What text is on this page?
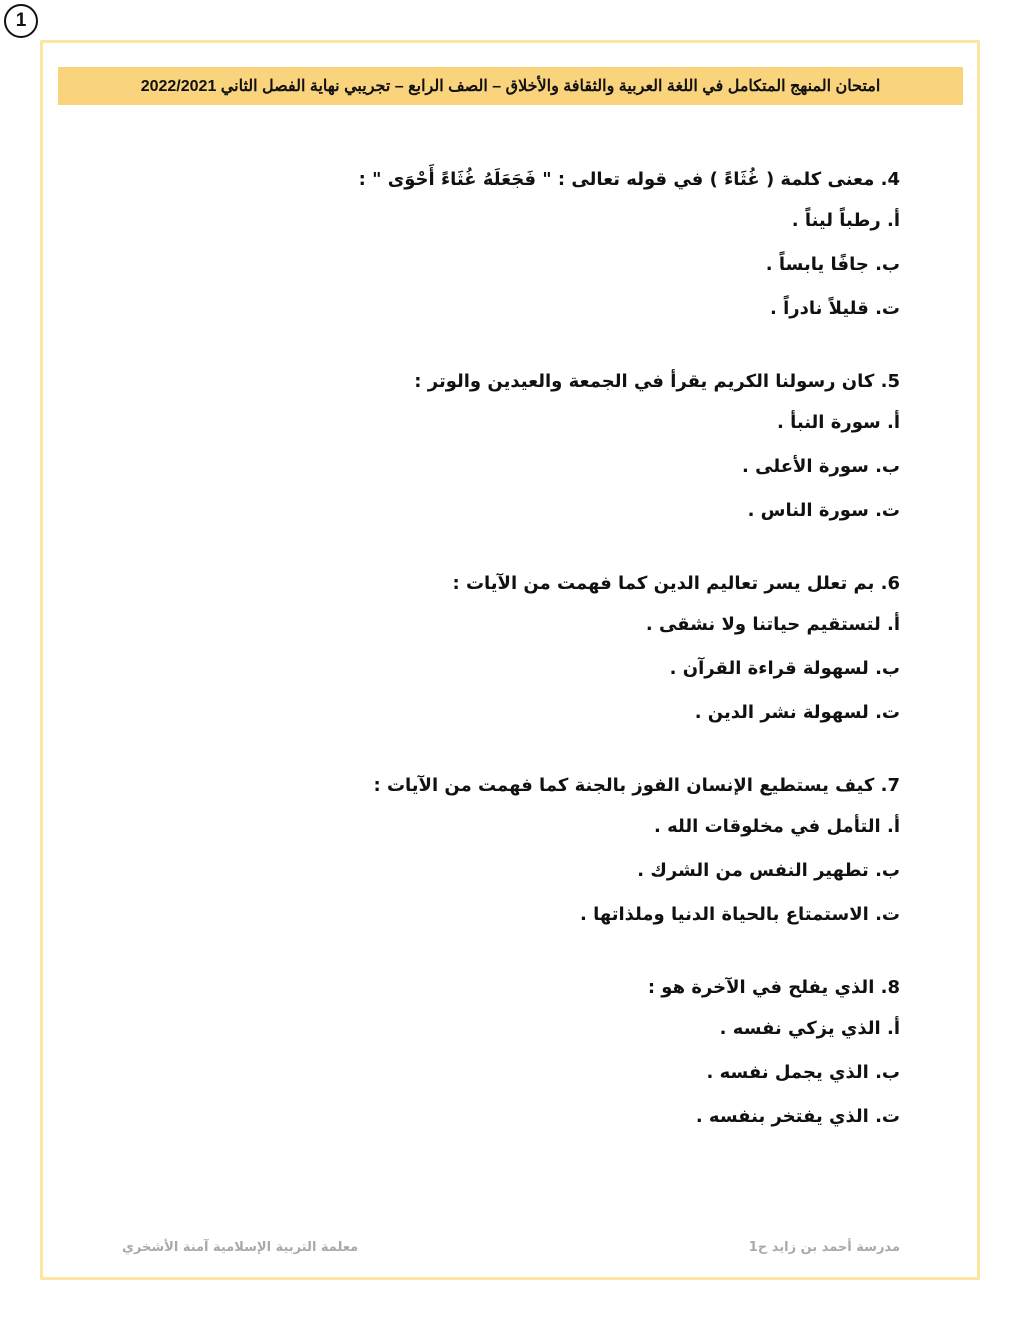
1
امتحان المنهج المتكامل في اللغة العربية والثقافة والأخلاق – الصف الرابع – تجريبي نهاية الفصل الثاني 2022/2021
4. معنى كلمة ( غُثَاءً ) في قوله تعالى : " فَجَعَلَهُ غُثَاءً أَحْوَى " :
أ. رطباً ليناً .
ب. جافًا يابساً .
ت. قليلاً نادراً .
5. كان رسولنا الكريم يقرأ في الجمعة والعيدين والوتر :
أ. سورة النبأ .
ب. سورة الأعلى .
ت. سورة الناس .
6. بم تعلل يسر تعاليم الدين كما فهمت من الآيات :
أ. لتستقيم حياتنا ولا نشقى .
ب. لسهولة قراءة القرآن .
ت. لسهولة نشر الدين .
7. كيف يستطيع الإنسان الفوز بالجنة كما فهمت من الآيات :
أ. التأمل في مخلوقات الله .
ب. تطهير النفس من الشرك .
ت. الاستمتاع بالحياة الدنيا وملذاتها .
8. الذي يفلح في الآخرة هو :
أ. الذي يزكي نفسه .
ب. الذي يجمل نفسه .
ت. الذي يفتخر بنفسه .
مدرسة أحمد بن زايد ح1
معلمة التربية الإسلامية آمنة الأشخري
